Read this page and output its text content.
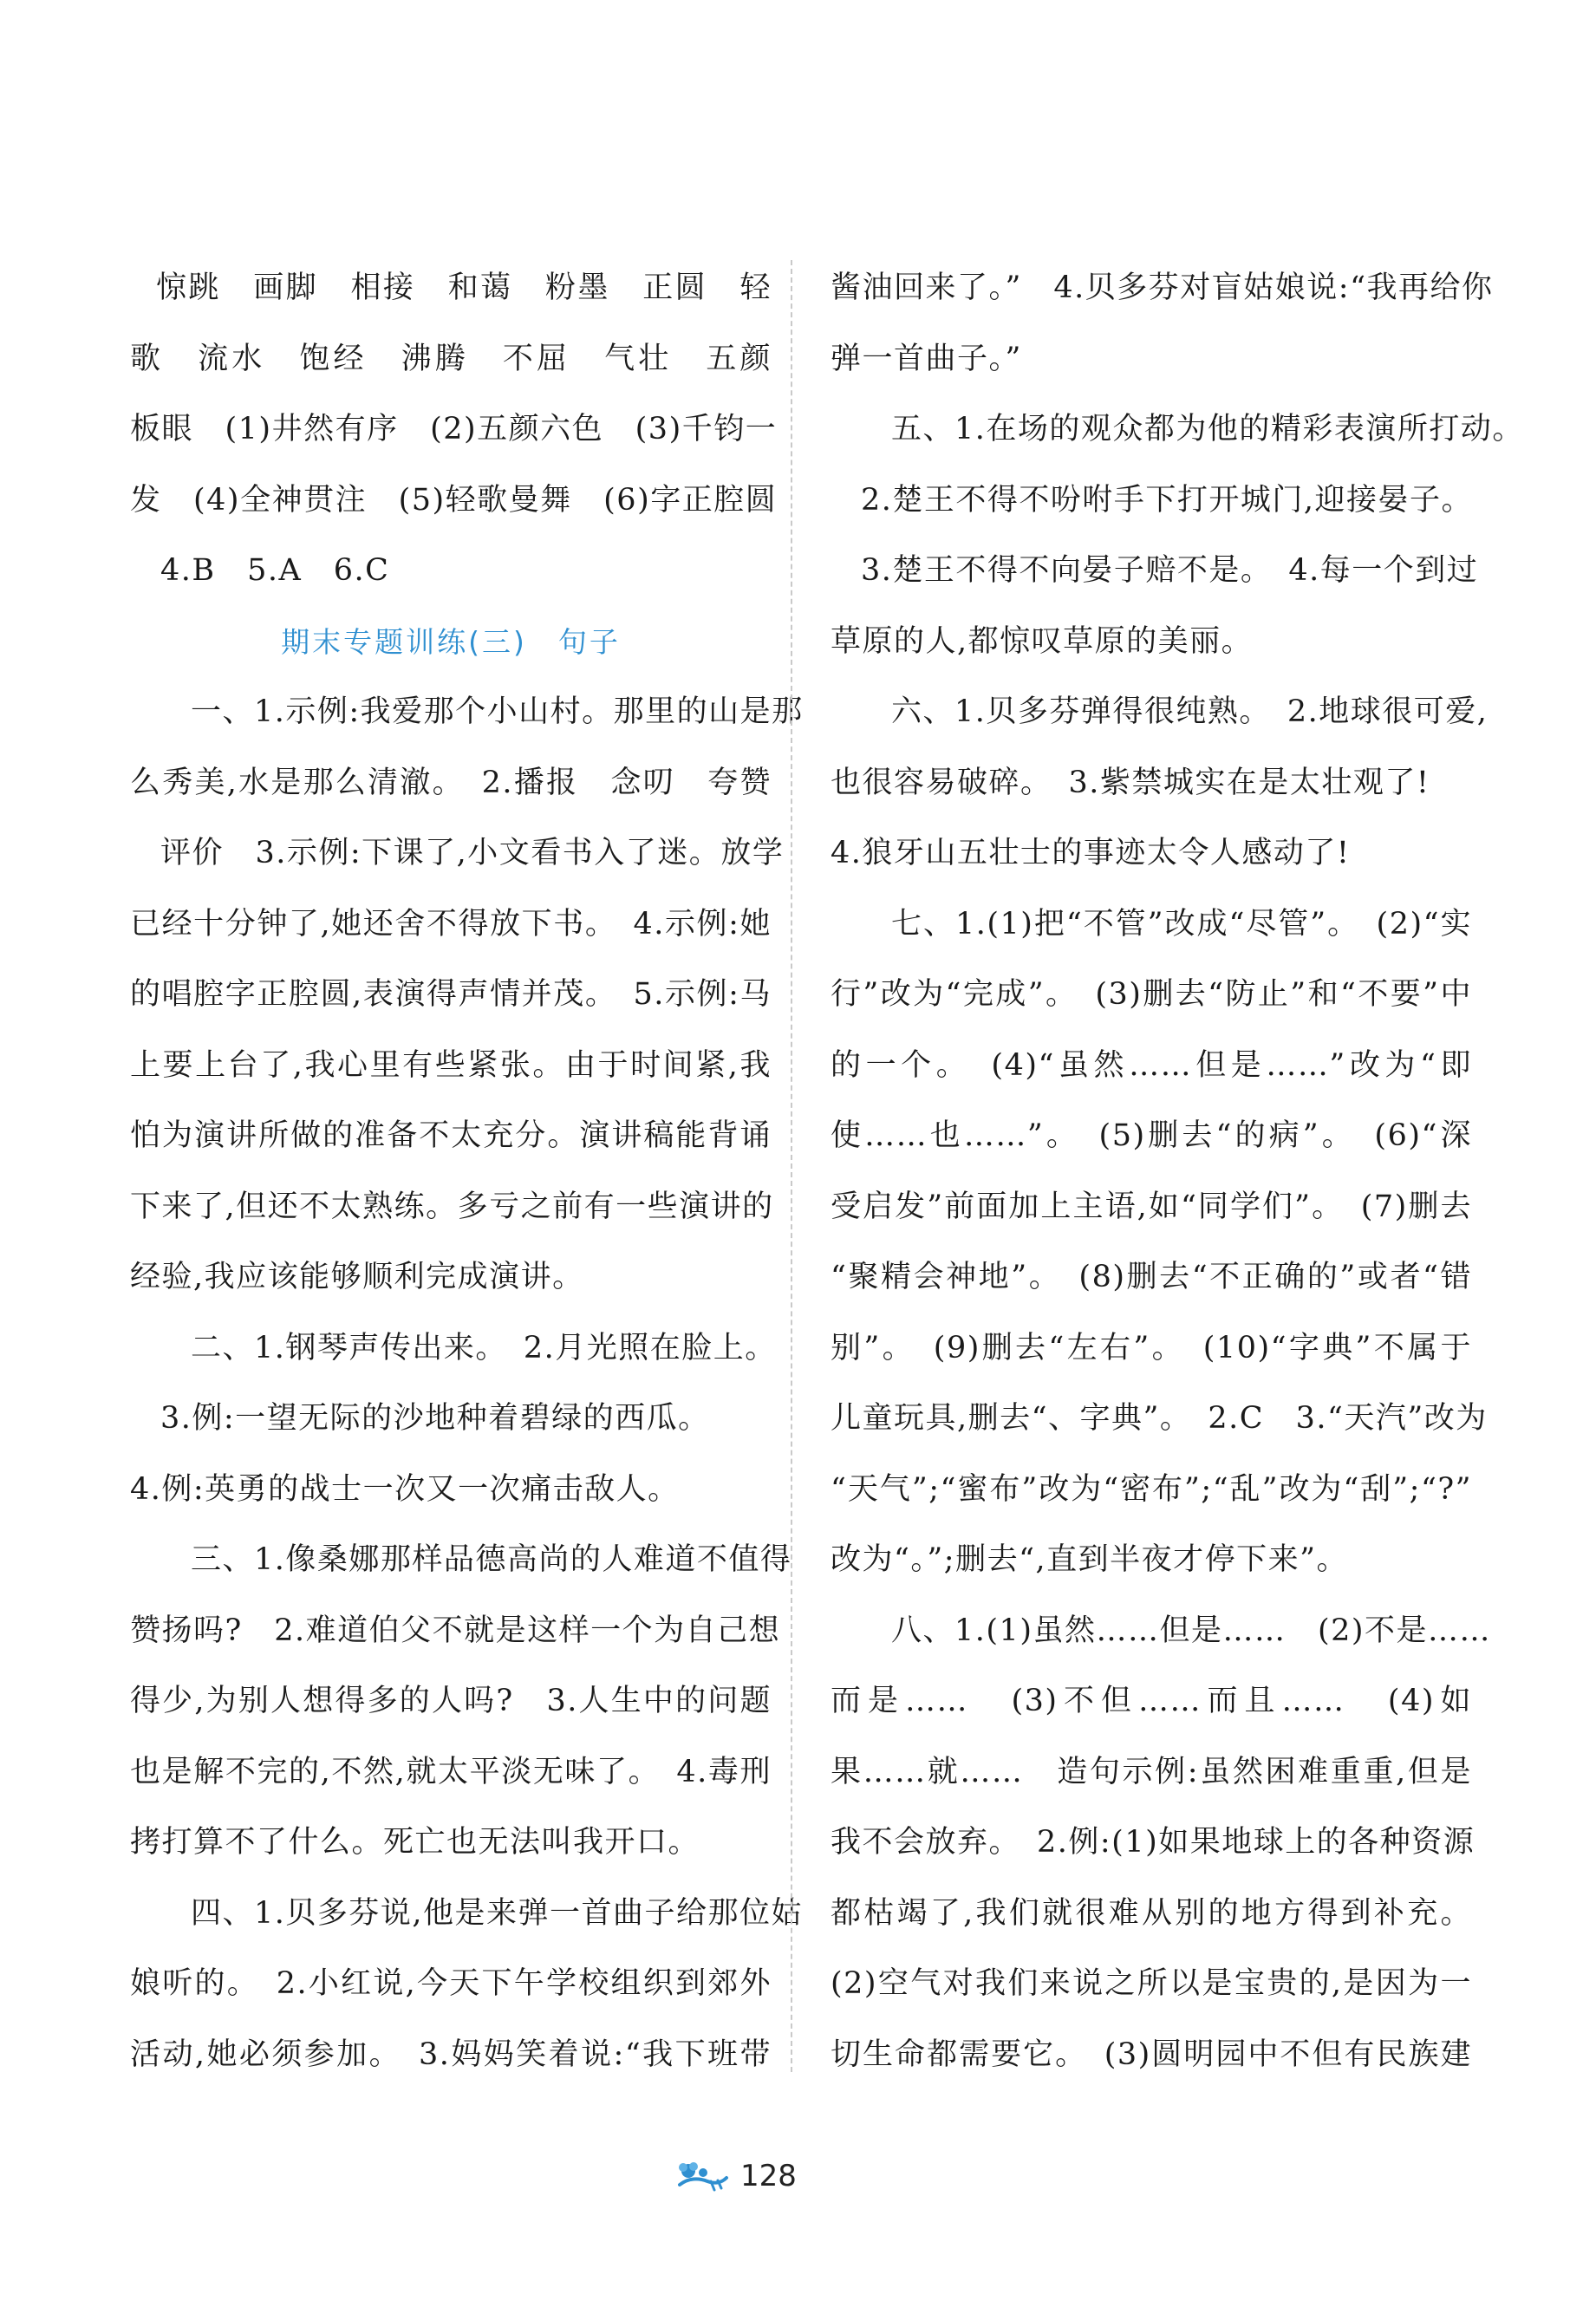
惊跳　画脚　相接　和蔼　粉墨　正圆　轻
歌　流水　饱经　沸腾　不屈　气壮　五颜
板眼　(1)井然有序　(2)五颜六色　(3)千钧一
发　(4)全神贯注　(5)轻歌曼舞　(6)字正腔圆
4.B　5.A　6.C
期末专题训练(三)　句子
一、1.示例:我爱那个小山村。那里的山是那
么秀美,水是那么清澈。　2.播报　念叨　夸赞
评价　3.示例:下课了,小文看书入了迷。放学
已经十分钟了,她还舍不得放下书。　4.示例:她
的唱腔字正腔圆,表演得声情并茂。　5.示例:马
上要上台了,我心里有些紧张。由于时间紧,我
怕为演讲所做的准备不太充分。演讲稿能背诵
下来了,但还不太熟练。多亏之前有一些演讲的
经验,我应该能够顺利完成演讲。
二、1.钢琴声传出来。　2.月光照在脸上。
3.例:一望无际的沙地种着碧绿的西瓜。
4.例:英勇的战士一次又一次痛击敌人。
三、1.像桑娜那样品德高尚的人难道不值得
赞扬吗?　2.难道伯父不就是这样一个为自己想
得少,为别人想得多的人吗?　3.人生中的问题
也是解不完的,不然,就太平淡无味了。　4.毒刑
拷打算不了什么。死亡也无法叫我开口。
四、1.贝多芬说,他是来弹一首曲子给那位姑
娘听的。　2.小红说,今天下午学校组织到郊外
活动,她必须参加。　3.妈妈笑着说:“我下班带
酱油回来了。”　4.贝多芬对盲姑娘说:“我再给你
弹一首曲子。”
五、1.在场的观众都为他的精彩表演所打动。
2.楚王不得不吩咐手下打开城门,迎接晏子。
3.楚王不得不向晏子赔不是。　4.每一个到过
草原的人,都惊叹草原的美丽。
六、1.贝多芬弹得很纯熟。　2.地球很可爱,
也很容易破碎。　3.紫禁城实在是太壮观了!
4.狼牙山五壮士的事迹太令人感动了!
七、1.(1)把“不管”改成“尽管”。　(2)“实
行”改为“完成”。　(3)删去“防止”和“不要”中
的一个。　(4)“虽然……但是……”改为“即
使……也……”。　(5)删去“的病”。　(6)“深
受启发”前面加上主语,如“同学们”。　(7)删去
“聚精会神地”。　(8)删去“不正确的”或者“错
别”。　(9)删去“左右”。　(10)“字典”不属于
儿童玩具,删去“、字典”。　2.C　3.“天汽”改为
“天气”;“蜜布”改为“密布”;“乱”改为“刮”;“?”
改为“。”;删去“,直到半夜才停下来”。
八、1.(1)虽然……但是……　(2)不是……
而是……　(3)不但……而且……　(4)如
果……就……　造句示例:虽然困难重重,但是
我不会放弃。　2.例:(1)如果地球上的各种资源
都枯竭了,我们就很难从别的地方得到补充。
(2)空气对我们来说之所以是宝贵的,是因为一
切生命都需要它。　(3)圆明园中不但有民族建
128
